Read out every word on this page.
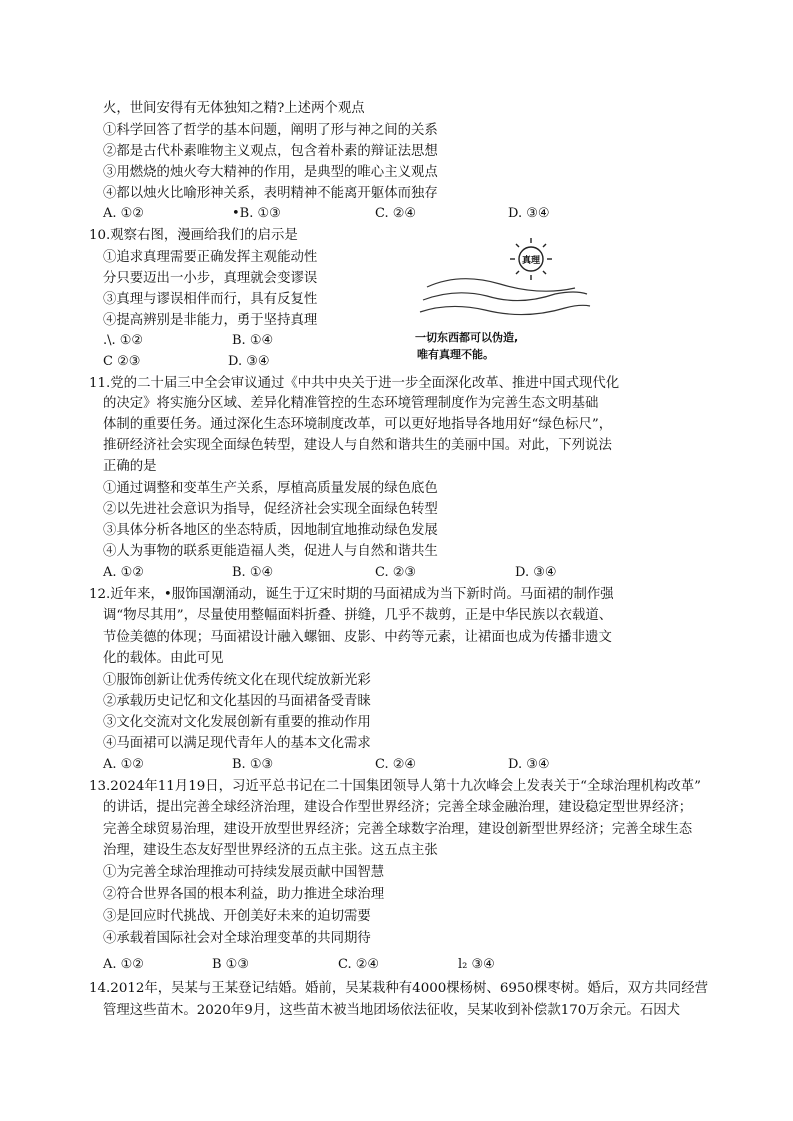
火，世间安得有无体独知之精?上述两个观点
①科学回答了哲学的基本问题，阐明了形与神之间的关系
②都是古代朴素唯物主义观点，包含着朴素的辩证法思想
③用燃烧的烛火夸大精神的作用，是典型的唯心主义观点
④都以烛火比喻形神关系，表明精神不能离开躯体而独存
A. ①②	•B. ①③	C. ②④	D. ③④
10.观察右图，漫画给我们的启示是
①追求真理需要正确发挥主观能动性
分只要迈出一小步，真理就会变谬误
③真理与谬误相伴而行，具有反复性
④提高辨别是非能力，勇于坚持真理
.\. ①②	B. ①④
C ②③	D. ③④
真理
一切东西都可以伪造,
唯有真理不能。
11.党的二十届三中全会审议通过《中共中央关于进一步全面深化改革、推进中国式现代化
的决定》将实施分区域、差异化精准管控的生态环境管理制度作为完善生态文明基础
体制的重要任务。通过深化生态环境制度改革，可以更好地指导各地用好“绿色标尺”，
推研经济社会实现全面绿色转型，建设人与自然和谐共生的美丽中国。对此，下列说法
正确的是
①通过调整和变革生产关系，厚植高质量发展的绿色底色
②以先进社会意识为指导，促经济社会实现全面绿色转型
③具体分析各地区的坐态特质，因地制宜地推动绿色发展
④人为事物的联系更能造福人类，促进人与自然和谐共生
A. ①②	B. ①④	C. ②③	D. ③④
12.近年来，•服饰国潮涌动，诞生于辽宋时期的马面裙成为当下新时尚。马面裙的制作强
调“物尽其用”，尽量使用整幅面料折叠、拼缝，几乎不裁剪，正是中华民族以衣载道、
节俭美德的体现；马面裙设计融入螺钿、皮影、中药等元素，让裙面也成为传播非遗文
化的载体。由此可见
①服饰创新让优秀传统文化在现代绽放新光彩
②承载历史记忆和文化基因的马面裙备受青睐
③文化交流对文化发展创新有重要的推动作用
④马面裙可以满足现代青年人的基本文化需求
A. ①②	B. ①③	C. ②④	D. ③④
13.2024年11月19日，习近平总书记在二十国集团领导人第十九次峰会上发表关于“全球治理机构改革”
的讲话，提出完善全球经济治理，建设合作型世界经济；完善全球金融治理，建设稳定型世界经济；
完善全球贸易治理，建设开放型世界经济；完善全球数字治理，建设创新型世界经济；完善全球生态
治理，建设生态友好型世界经济的五点主张。这五点主张
①为完善全球治理推动可持续发展贡献中国智慧
②符合世界各国的根本利益，助力推进全球治理
③是回应时代挑战、开创美好未来的迫切需要
④承载着国际社会对全球治理变革的共同期待
A. ①②	B ①③	C. ②④	l₂ ③④
14.2012年，吴某与王某登记结婚。婚前，吴某栽种有4000棵杨树、6950棵枣树。婚后，双方共同经营
管理这些苗木。2020年9月，这些苗木被当地团场依法征收，吴某收到补偿款170万余元。石因犬
